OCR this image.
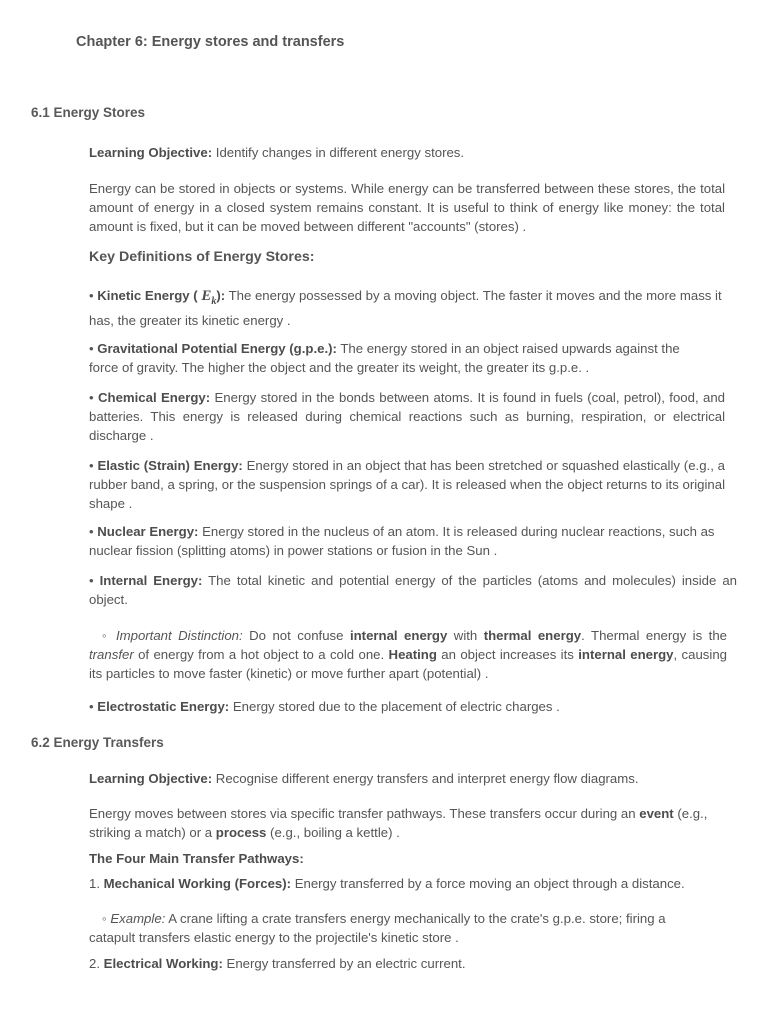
Chapter 6: Energy stores and transfers
6.1 Energy Stores
Learning Objective: Identify changes in different energy stores.
Energy can be stored in objects or systems. While energy can be transferred between these stores, the total amount of energy in a closed system remains constant. It is useful to think of energy like money: the total amount is fixed, but it can be moved between different "accounts" (stores) .
Key Definitions of Energy Stores:
• Kinetic Energy ( $E_k$): The energy possessed by a moving object. The faster it moves and the more mass it has, the greater its kinetic energy .
• Gravitational Potential Energy (g.p.e.): The energy stored in an object raised upwards against the
force of gravity. The higher the object and the greater its weight, the greater its g.p.e. .
• Chemical Energy: Energy stored in the bonds between atoms. It is found in fuels (coal, petrol), food, and batteries. This energy is released during chemical reactions such as burning, respiration, or electrical discharge .
• Elastic (Strain) Energy: Energy stored in an object that has been stretched or squashed elastically (e.g., a rubber band, a spring, or the suspension springs of a car). It is released when the object returns to its original shape .
• Nuclear Energy: Energy stored in the nucleus of an atom. It is released during nuclear reactions, such as
nuclear fission (splitting atoms) in power stations or fusion in the Sun .
• Internal Energy: The total kinetic and potential energy of the particles (atoms and molecules) inside an object.
◦ Important Distinction: Do not confuse internal energy with thermal energy. Thermal energy is the transfer of energy from a hot object to a cold one. Heating an object increases its internal energy, causing its particles to move faster (kinetic) or move further apart (potential) .
• Electrostatic Energy: Energy stored due to the placement of electric charges .
6.2 Energy Transfers
Learning Objective: Recognise different energy transfers and interpret energy flow diagrams.
Energy moves between stores via specific transfer pathways. These transfers occur during an event (e.g., striking a match) or a process (e.g., boiling a kettle) .
The Four Main Transfer Pathways:
1. Mechanical Working (Forces): Energy transferred by a force moving an object through a distance.
◦ Example: A crane lifting a crate transfers energy mechanically to the crate's g.p.e. store; firing a
catapult transfers elastic energy to the projectile's kinetic store .
2. Electrical Working: Energy transferred by an electric current.
